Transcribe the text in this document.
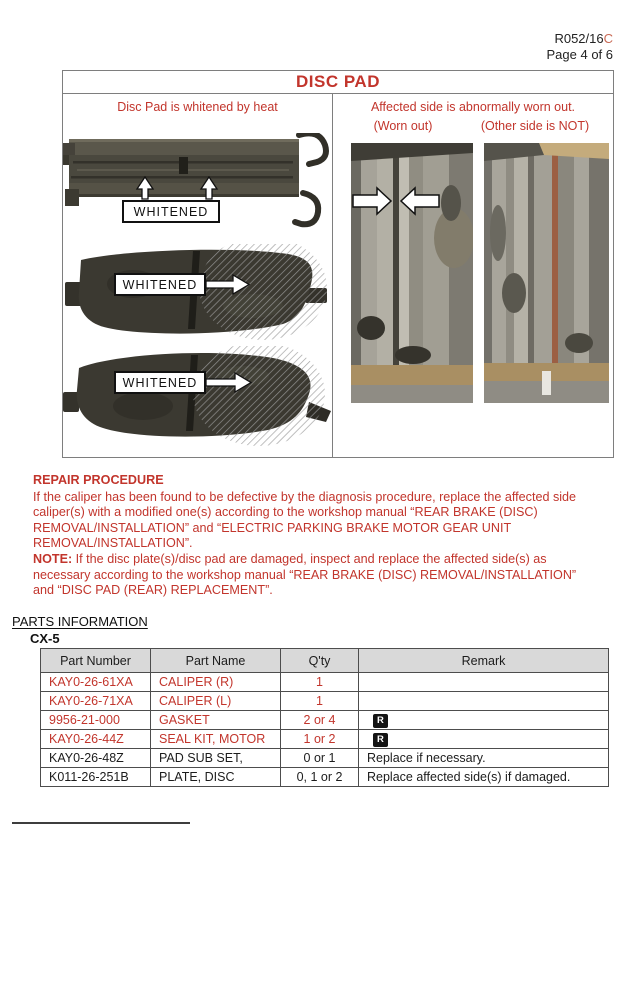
R052/16C
Page 4 of 6
DISC PAD
Disc Pad is whitened by heat
WHITENED
WHITENED
WHITENED
Affected side is abnormally worn out.
(Worn out)	(Other side is NOT)
REPAIR PROCEDURE
If the caliper has been found to be defective by the diagnosis procedure, replace the affected side
caliper(s) with a modified one(s) according to the workshop manual “REAR BRAKE (DISC)
REMOVAL/INSTALLATION” and “ELECTRIC PARKING BRAKE MOTOR GEAR UNIT
REMOVAL/INSTALLATION”.
NOTE: If the disc plate(s)/disc pad are damaged, inspect and replace the affected side(s) as
necessary according to the workshop manual “REAR BRAKE (DISC) REMOVAL/INSTALLATION”
and “DISC PAD (REAR) REPLACEMENT”.
PARTS INFORMATION
CX-5
Part Number	Part Name	Q'ty	Remark
KAY0-26-61XA	CALIPER (R)	1	
KAY0-26-71XA	CALIPER (L)	1	
9956-21-000	GASKET	2 or 4	R
KAY0-26-44Z	SEAL KIT, MOTOR	1 or 2	R
KAY0-26-48Z	PAD SUB SET,	0 or 1	Replace if necessary.
K011-26-251B	PLATE, DISC	0, 1 or 2	Replace affected side(s) if damaged.
